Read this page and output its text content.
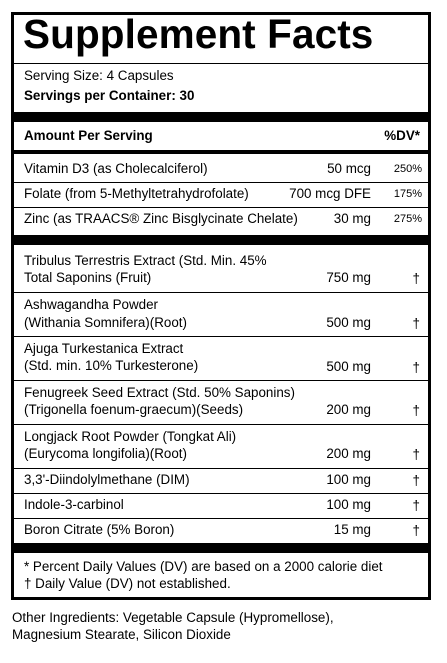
Supplement Facts
Serving Size: 4 Capsules
Servings per Container: 30
Amount Per Serving	%DV*
Vitamin D3 (as Cholecalciferol)	50 mcg 250%
Folate (from 5-Methyltetrahydrofolate)	700 mcg DFE 175%
Zinc (as TRAACS® Zinc Bisglycinate Chelate)	30 mg 275%
Tribulus Terrestris Extract (Std. Min. 45%
Total Saponins (Fruit)	750 mg	†
Ashwagandha Powder
(Withania Somnifera)(Root)	500 mg	†
Ajuga Turkestanica Extract
(Std. min. 10% Turkesterone)	500 mg	†
Fenugreek Seed Extract (Std. 50% Saponins)
(Trigonella foenum-graecum)(Seeds)	200 mg	†
Longjack Root Powder (Tongkat Ali)
(Eurycoma longifolia)(Root)	200 mg	†
3,3'-Diindolylmethane (DIM)	100 mg	†
Indole-3-carbinol	100 mg	†
Boron Citrate (5% Boron)	15 mg	†
* Percent Daily Values (DV) are based on a 2000 calorie diet
† Daily Value (DV) not established.
Other Ingredients: Vegetable Capsule (Hypromellose),
Magnesium Stearate, Silicon Dioxide
